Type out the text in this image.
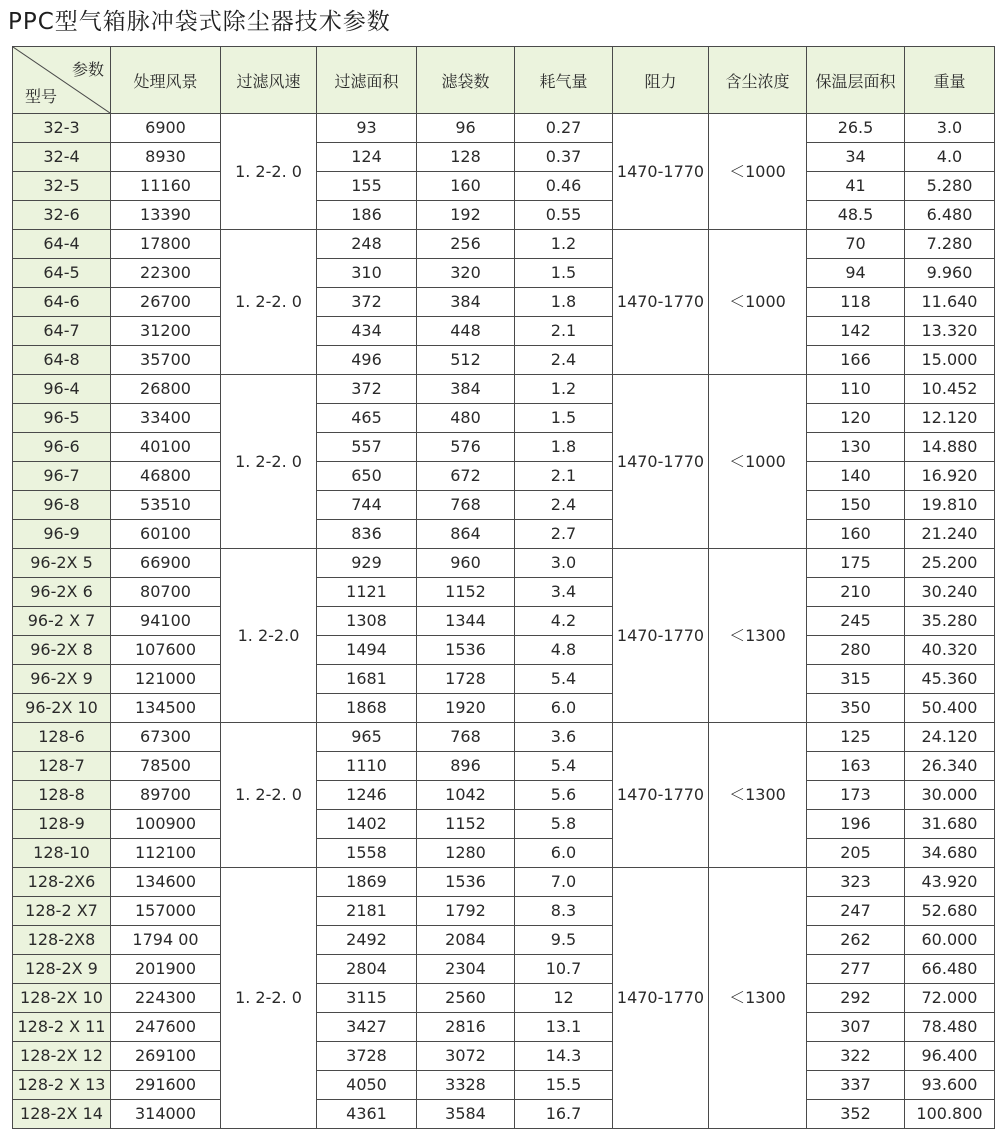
PPC型气箱脉冲袋式除尘器技术参数
参数
型号	处理风景	过滤风速	过滤面积	滤袋数	耗气量	阻力	含尘浓度	保温层面积	重量
32-3	6900	1. 2-2. 0	93	96	0.27	1470-1770	＜1000	26.5	3.0
32-4	8930		124	128	0.37			34	4.0
32-5	11160		155	160	0.46			41	5.280
32-6	13390		186	192	0.55			48.5	6.480
64-4	17800	1. 2-2. 0	248	256	1.2	1470-1770	＜1000	70	7.280
64-5	22300		310	320	1.5			94	9.960
64-6	26700		372	384	1.8			118	11.640
64-7	31200		434	448	2.1			142	13.320
64-8	35700		496	512	2.4			166	15.000
96-4	26800	1. 2-2. 0	372	384	1.2	1470-1770	＜1000	110	10.452
96-5	33400		465	480	1.5			120	12.120
96-6	40100		557	576	1.8			130	14.880
96-7	46800		650	672	2.1			140	16.920
96-8	53510		744	768	2.4			150	19.810
96-9	60100		836	864	2.7			160	21.240
96-2X 5	66900	1. 2-2.0	929	960	3.0	1470-1770	＜1300	175	25.200
96-2X 6	80700		1121	1152	3.4			210	30.240
96-2 X 7	94100		1308	1344	4.2			245	35.280
96-2X 8	107600		1494	1536	4.8			280	40.320
96-2X 9	121000		1681	1728	5.4			315	45.360
96-2X 10	134500		1868	1920	6.0			350	50.400
128-6	67300	1. 2-2. 0	965	768	3.6	1470-1770	＜1300	125	24.120
128-7	78500		1110	896	5.4			163	26.340
128-8	89700		1246	1042	5.6			173	30.000
128-9	100900		1402	1152	5.8			196	31.680
128-10	112100		1558	1280	6.0			205	34.680
128-2X6	134600	1. 2-2. 0	1869	1536	7.0	1470-1770	＜1300	323	43.920
128-2 X7	157000		2181	1792	8.3			247	52.680
128-2X8	1794 00		2492	2084	9.5			262	60.000
128-2X 9	201900		2804	2304	10.7			277	66.480
128-2X 10	224300		3115	2560	12			292	72.000
128-2 X 11	247600		3427	2816	13.1			307	78.480
128-2X 12	269100		3728	3072	14.3			322	96.400
128-2 X 13	291600		4050	3328	15.5			337	93.600
128-2X 14	314000		4361	3584	16.7			352	100.800
